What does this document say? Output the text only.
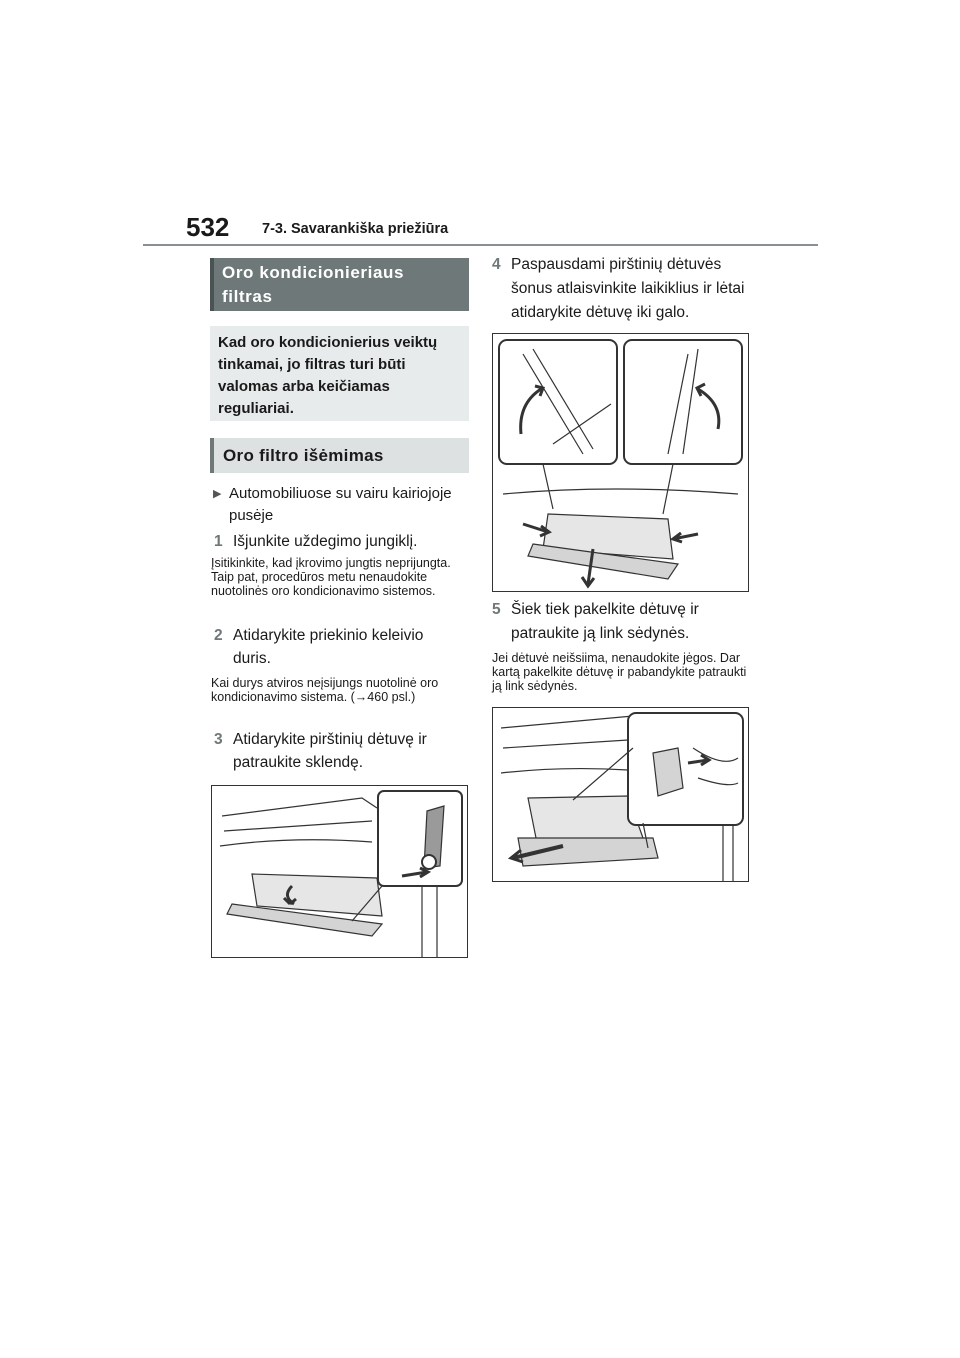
532 7-3. Savarankiška priežiūra
Oro kondicionieriaus filtras
Kad oro kondicionierius veiktų tinkamai, jo filtras turi būti valomas arba keičiamas reguliariai.
Oro filtro išėmimas
▶ Automobiliuose su vairu kairiojoje pusėje
1 Išjunkite uždegimo jungiklį.
Įsitikinkite, kad įkrovimo jungtis neprijungta. Taip pat, procedūros metu nenaudokite nuotolinės oro kondicionavimo sistemos.
2 Atidarykite priekinio keleivio duris.
Kai durys atviros neįsijungs nuotolinė oro kondicionavimo sistema. (→460 psl.)
3 Atidarykite pirštinių dėtuvę ir patraukite sklendę.
4 Paspausdami pirštinių dėtuvės šonus atlaisvinkite laikiklius ir lėtai atidarykite dėtuvę iki galo.
5 Šiek tiek pakelkite dėtuvę ir patraukite ją link sėdynės.
Jei dėtuvė neišsiima, nenaudokite jėgos. Dar kartą pakelkite dėtuvę ir pabandykite patraukti ją link sėdynės.
